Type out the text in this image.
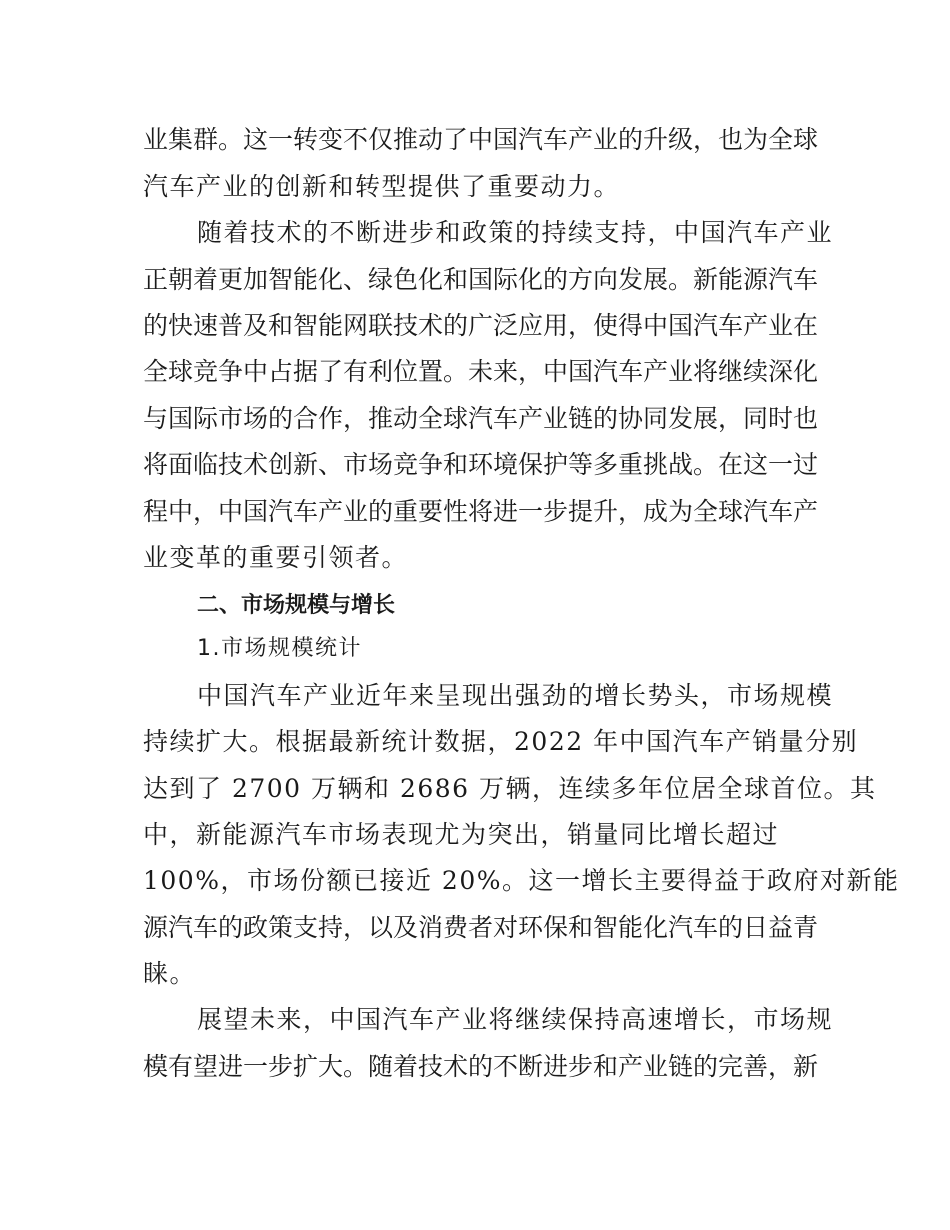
业集群。这一转变不仅推动了中国汽车产业的升级，也为全球
汽车产业的创新和转型提供了重要动力。
随着技术的不断进步和政策的持续支持，中国汽车产业
正朝着更加智能化、绿色化和国际化的方向发展。新能源汽车
的快速普及和智能网联技术的广泛应用，使得中国汽车产业在
全球竞争中占据了有利位置。未来，中国汽车产业将继续深化
与国际市场的合作，推动全球汽车产业链的协同发展，同时也
将面临技术创新、市场竞争和环境保护等多重挑战。在这一过
程中，中国汽车产业的重要性将进一步提升，成为全球汽车产
业变革的重要引领者。
二、市场规模与增长
1.市场规模统计
中国汽车产业近年来呈现出强劲的增长势头，市场规模
持续扩大。根据最新统计数据，2022 年中国汽车产销量分别
达到了 2700 万辆和 2686 万辆，连续多年位居全球首位。其
中，新能源汽车市场表现尤为突出，销量同比增长超过
100%，市场份额已接近 20%。这一增长主要得益于政府对新能
源汽车的政策支持，以及消费者对环保和智能化汽车的日益青
睐。
展望未来，中国汽车产业将继续保持高速增长，市场规
模有望进一步扩大。随着技术的不断进步和产业链的完善，新
